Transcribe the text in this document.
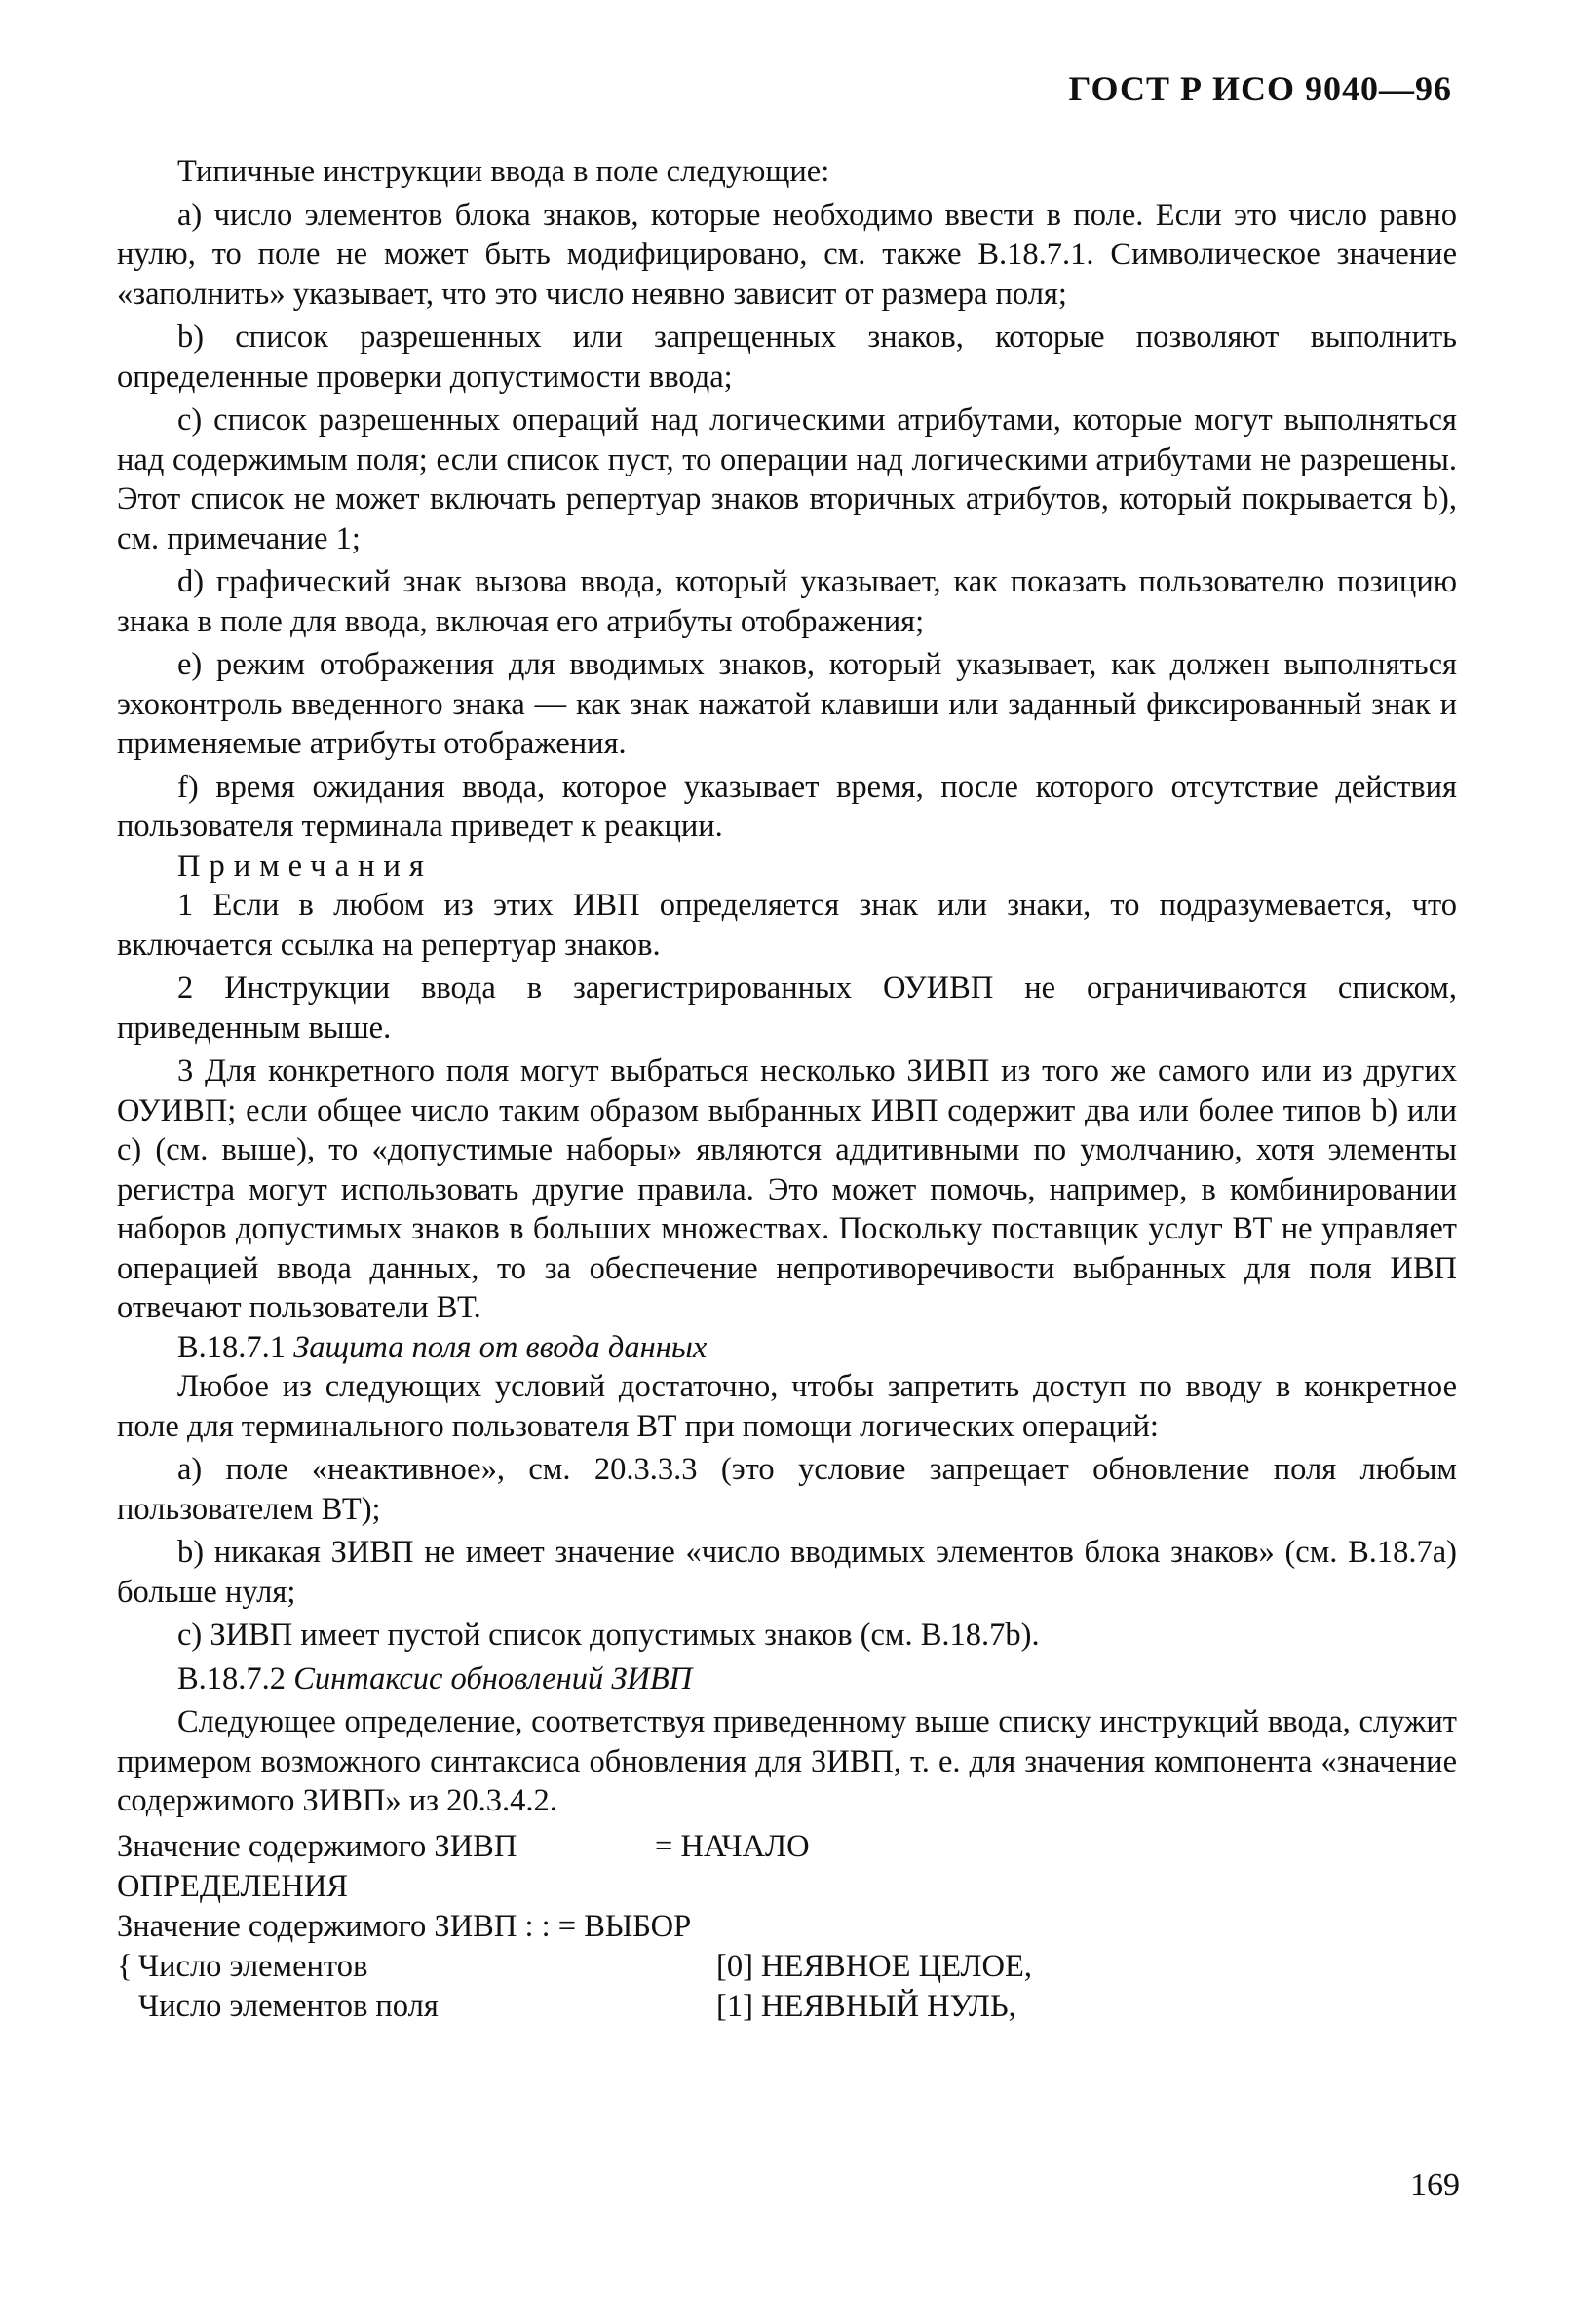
ГОСТ Р ИСО 9040—96

Типичные инструкции ввода в поле следующие:

а) число элементов блока знаков, которые необходимо ввести в поле. Если это число равно нулю, то поле не может быть модифицировано, см. также В.18.7.1. Символическое значение «заполнить» указывает, что это число неявно зависит от размера поля;

b) список разрешенных или запрещенных знаков, которые позволяют выполнить определенные проверки допустимости ввода;

с) список разрешенных операций над логическими атрибутами, которые могут выполняться над содержимым поля; если список пуст, то операции над логическими атрибутами не разрешены. Этот список не может включать репертуар знаков вторичных атрибутов, который покрывается b), см. примечание 1;

d) графический знак вызова ввода, который указывает, как показать пользователю позицию знака в поле для ввода, включая его атрибуты отображения;

е) режим отображения для вводимых знаков, который указывает, как должен выполняться эхоконтроль введенного знака — как знак нажатой клавиши или заданный фиксированный знак и применяемые атрибуты отображения.

f) время ожидания ввода, которое указывает время, после которого отсутствие действия пользователя терминала приведет к реакции.

Примечания

1 Если в любом из этих ИВП определяется знак или знаки, то подразумевается, что включается ссылка на репертуар знаков.

2 Инструкции ввода в зарегистрированных ОУИВП не ограничиваются списком, приведенным выше.

3 Для конкретного поля могут выбраться несколько ЗИВП из того же самого или из других ОУИВП; если общее число таким образом выбранных ИВП содержит два или более типов b) или с) (см. выше), то «допустимые наборы» являются аддитивными по умолчанию, хотя элементы регистра могут использовать другие правила. Это может помочь, например, в комбинировании наборов допустимых знаков в больших множествах. Поскольку поставщик услуг ВТ не управляет операцией ввода данных, то за обеспечение непротиворечивости выбранных для поля ИВП отвечают пользователи ВТ.

В.18.7.1 Защита поля от ввода данных

Любое из следующих условий достаточно, чтобы запретить доступ по вводу в конкретное поле для терминального пользователя ВТ при помощи логических операций:

а) поле «неактивное», см. 20.3.3.3 (это условие запрещает обновление поля любым пользователем ВТ);

b) никакая ЗИВП не имеет значение «число вводимых элементов блока знаков» (см. В.18.7а) больше нуля;

с) ЗИВП имеет пустой список допустимых знаков (см. В.18.7b).

В.18.7.2 Синтаксис обновлений ЗИВП

Следующее определение, соответствуя приведенному выше списку инструкций ввода, служит примером возможного синтаксиса обновления для ЗИВП, т. е. для значения компонента «значение содержимого ЗИВП» из 20.3.4.2.

Значение содержимого ЗИВП ОПРЕДЕЛЕНИЯ
= НАЧАЛО
Значение содержимого ЗИВП : : = ВЫБОР
{ Число элементов	[0] НЕЯВНОЕ ЦЕЛОЕ,
Число элементов поля	[1] НЕЯВНЫЙ НУЛЬ,
169
